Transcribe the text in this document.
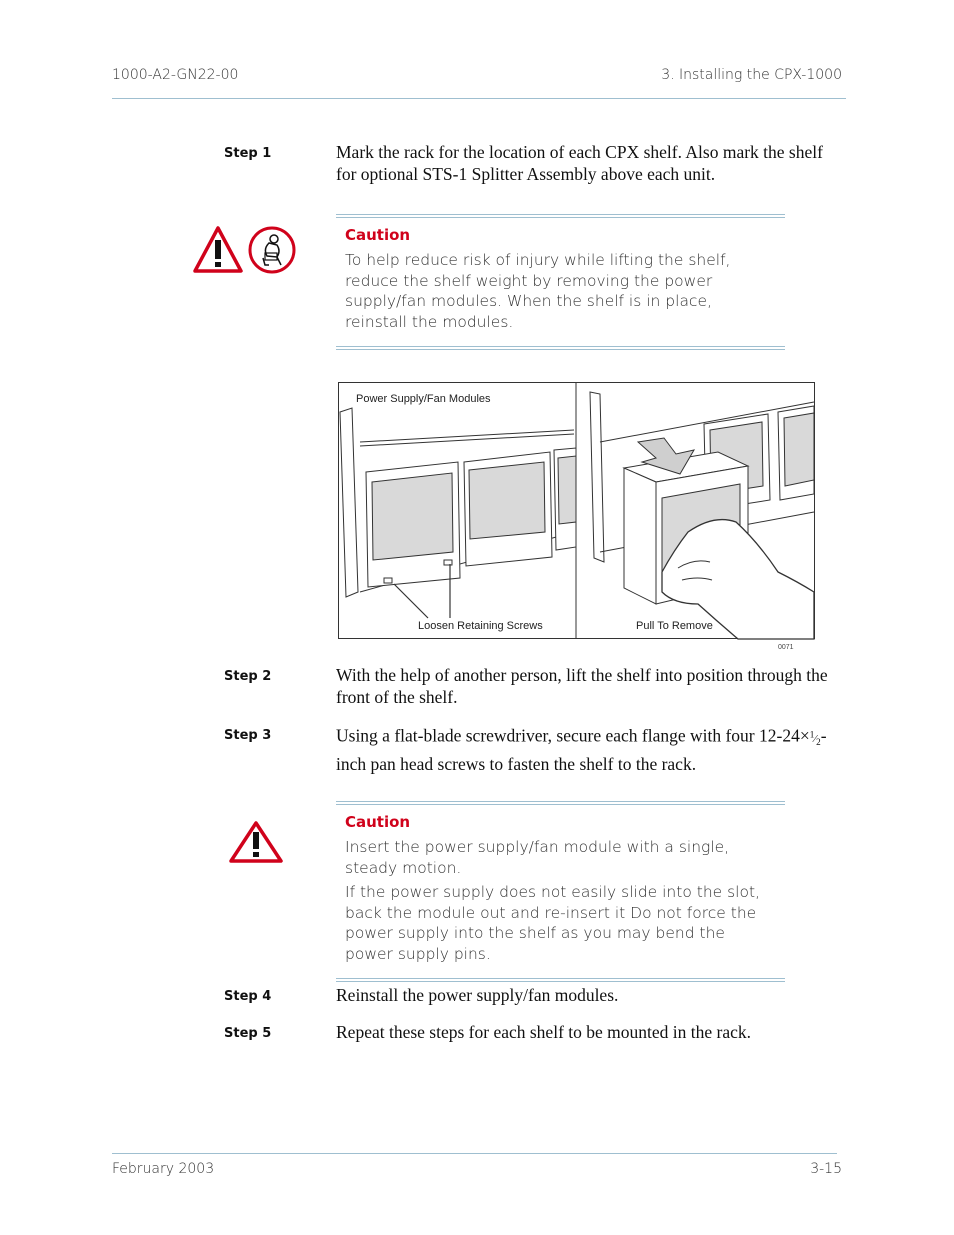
1000-A2-GN22-00	3. Installing the CPX-1000
Step 1	Mark the rack for the location of each CPX shelf. Also mark the shelf for optional STS-1 Splitter Assembly above each unit.
Caution
To help reduce risk of injury while lifting the shelf, reduce the shelf weight by removing the power supply/fan modules. When the shelf is in place, reinstall the modules.
Power Supply/Fan Modules
Loosen Retaining Screws	Pull To Remove
0071
Step 2	With the help of another person, lift the shelf into position through the front of the shelf.
Step 3	Using a flat-blade screwdriver, secure each flange with four $12-24\times^1⁄_2$-inch pan head screws to fasten the shelf to the rack.
Caution

Insert the power supply/fan module with a single, steady motion.

If the power supply does not easily slide into the slot, back the module out and re-insert it Do not force the power supply into the shelf as you may bend the power supply pins.

Step 4	Reinstall the power supply/fan modules.
Step 5	Repeat these steps for each shelf to be mounted in the rack.
February 2003	3-15
